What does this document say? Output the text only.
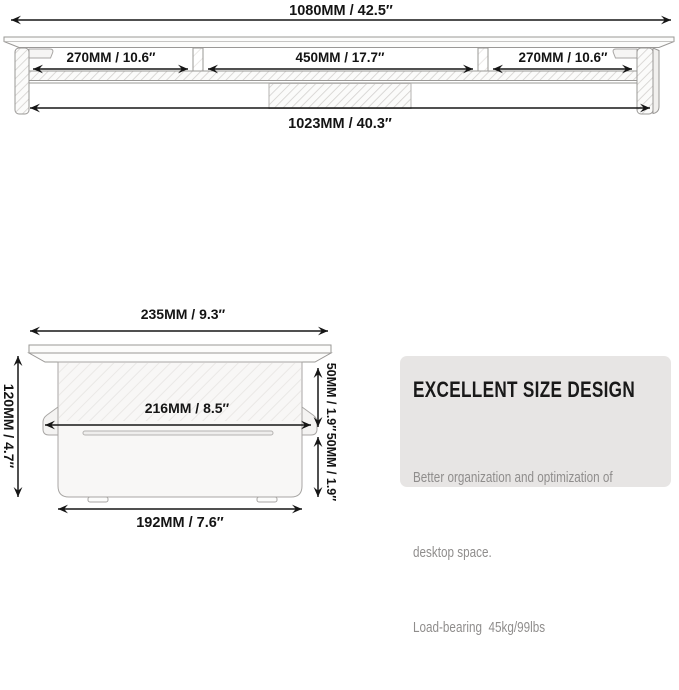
1080MM / 42.5″
270MM / 10.6″	450MM / 17.7″	270MM / 10.6″
1023MM / 40.3″
235MM / 9.3″
120MM / 4.7″	216MM / 8.5″	50MM / 1.9″
50MM / 1.9″
192MM / 7.6″
EXCELLENT SIZE DESIGN

Better organization and optimization of

desktop space.

Load-bearing  45kg/99lbs
